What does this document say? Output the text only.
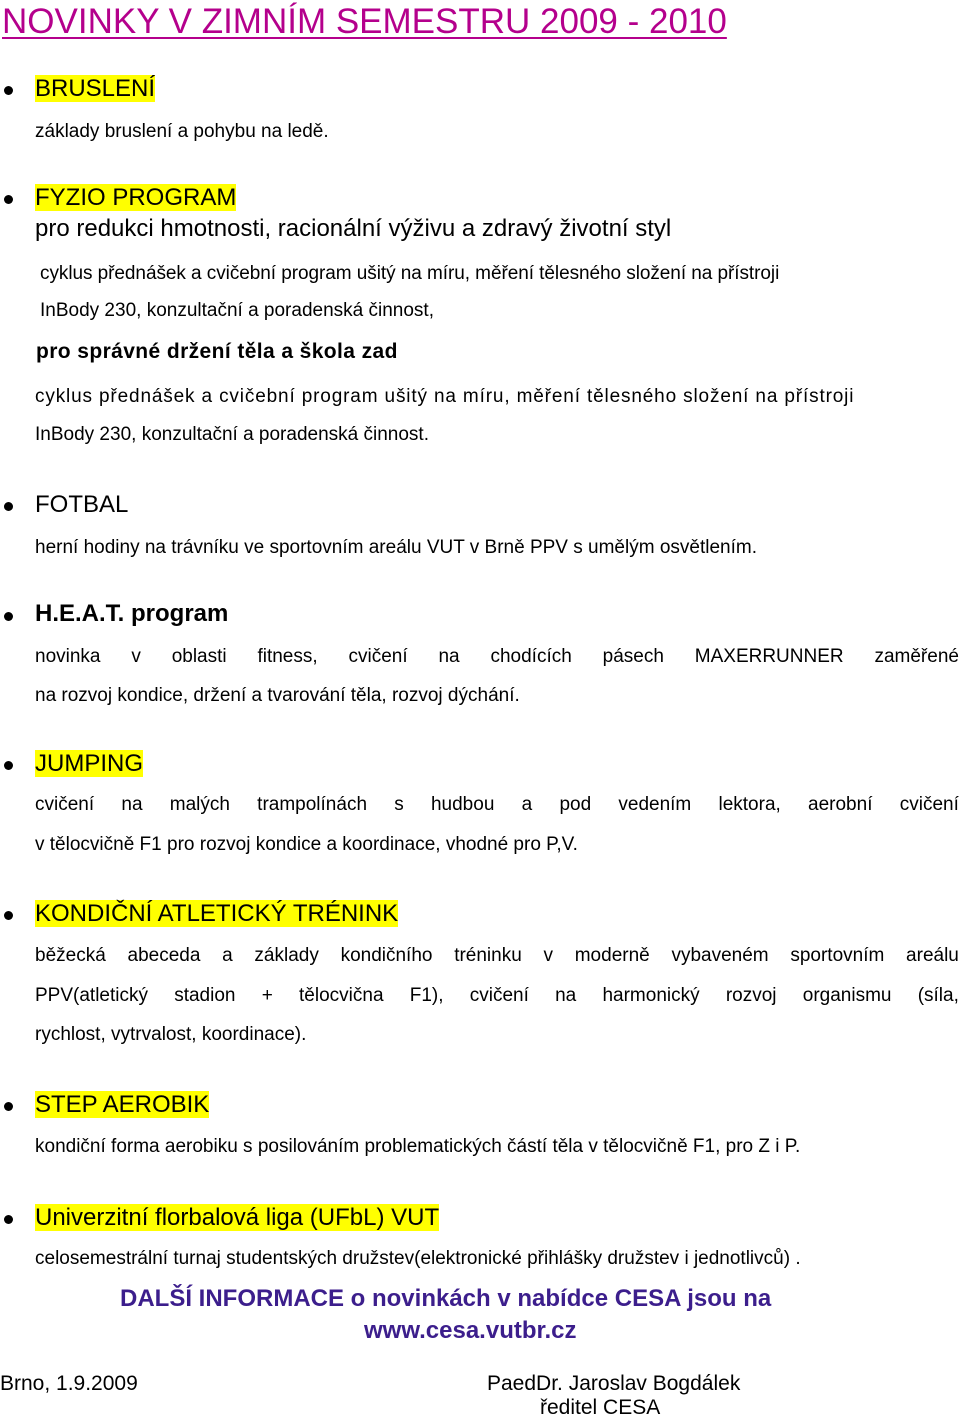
NOVINKY V ZIMNÍM SEMESTRU 2009 - 2010
BRUSLENÍ
základy bruslení a pohybu na ledě.
FYZIO PROGRAM
pro redukci hmotnosti, racionální výživu a zdravý životní styl
cyklus přednášek a cvičební program ušitý na míru, měření tělesného složení na přístroji
InBody 230, konzultační a poradenská činnost,
pro správné držení těla a škola zad
cyklus přednášek a cvičební program ušitý na míru, měření tělesného složení na přístroji
InBody 230, konzultační a poradenská činnost.
FOTBAL
herní hodiny na trávníku ve sportovním areálu VUT v Brně PPV s umělým osvětlením.
H.E.A.T. program
novinka v oblasti fitness, cvičení na chodících pásech MAXERRUNNER zaměřené
na rozvoj kondice, držení a tvarování těla, rozvoj dýchání.
JUMPING
cvičení na malých trampolínách s hudbou a pod vedením lektora, aerobní cvičení
v tělocvičně F1 pro rozvoj kondice a koordinace, vhodné pro P,V.
KONDIČNÍ ATLETICKÝ TRÉNINK
běžecká abeceda a základy kondičního tréninku v moderně vybaveném sportovním areálu
PPV(atletický stadion + tělocvična F1), cvičení na harmonický rozvoj organismu (síla,
rychlost, vytrvalost, koordinace).
STEP AEROBIK
kondiční forma aerobiku s posilováním problematických částí těla v tělocvičně F1, pro Z i P.
Univerzitní florbalová liga (UFbL) VUT
celosemestrální turnaj studentských družstev(elektronické přihlášky družstev i jednotlivců) .
DALŠÍ INFORMACE o novinkách v nabídce CESA jsou na
www.cesa.vutbr.cz
Brno, 1.9.2009	PaedDr. Jaroslav Bogdálek
ředitel CESA
